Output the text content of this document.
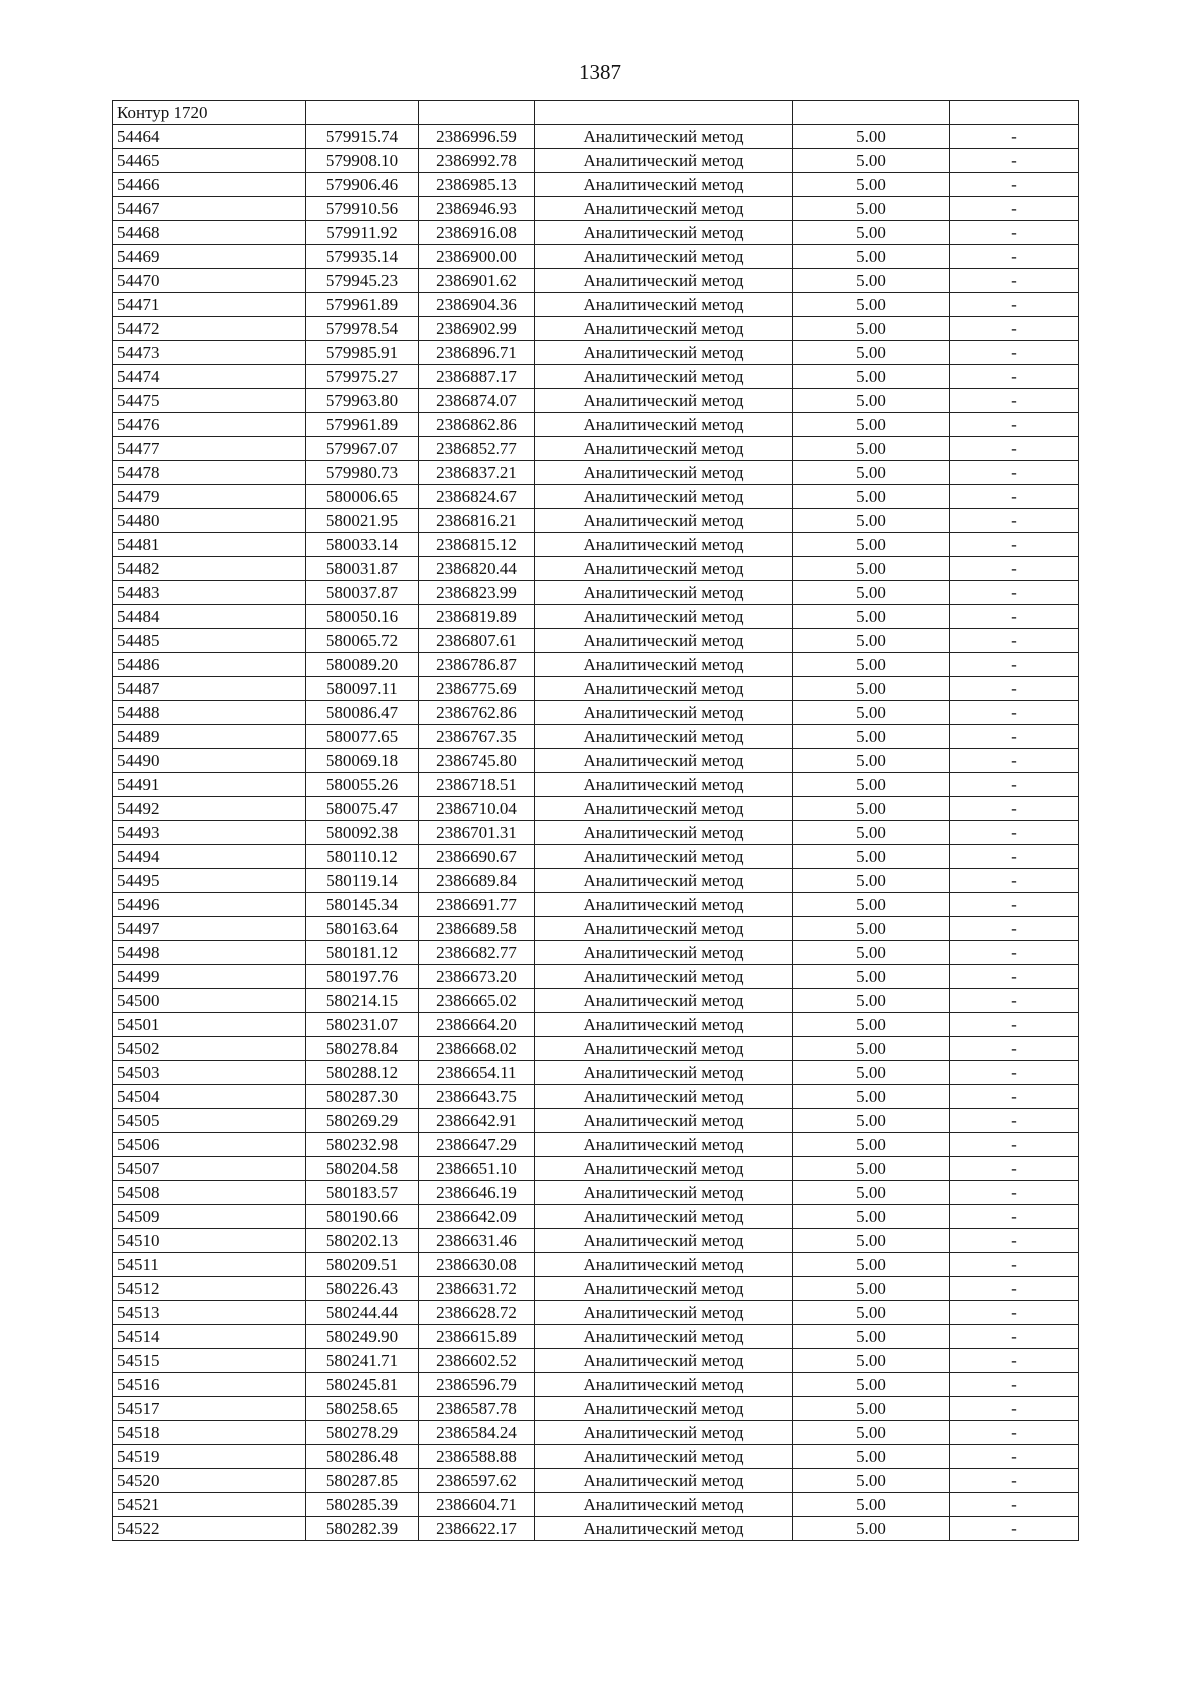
1387
Контур 1720					
54464	579915.74	2386996.59	Аналитический метод	5.00	-
54465	579908.10	2386992.78	Аналитический метод	5.00	-
54466	579906.46	2386985.13	Аналитический метод	5.00	-
54467	579910.56	2386946.93	Аналитический метод	5.00	-
54468	579911.92	2386916.08	Аналитический метод	5.00	-
54469	579935.14	2386900.00	Аналитический метод	5.00	-
54470	579945.23	2386901.62	Аналитический метод	5.00	-
54471	579961.89	2386904.36	Аналитический метод	5.00	-
54472	579978.54	2386902.99	Аналитический метод	5.00	-
54473	579985.91	2386896.71	Аналитический метод	5.00	-
54474	579975.27	2386887.17	Аналитический метод	5.00	-
54475	579963.80	2386874.07	Аналитический метод	5.00	-
54476	579961.89	2386862.86	Аналитический метод	5.00	-
54477	579967.07	2386852.77	Аналитический метод	5.00	-
54478	579980.73	2386837.21	Аналитический метод	5.00	-
54479	580006.65	2386824.67	Аналитический метод	5.00	-
54480	580021.95	2386816.21	Аналитический метод	5.00	-
54481	580033.14	2386815.12	Аналитический метод	5.00	-
54482	580031.87	2386820.44	Аналитический метод	5.00	-
54483	580037.87	2386823.99	Аналитический метод	5.00	-
54484	580050.16	2386819.89	Аналитический метод	5.00	-
54485	580065.72	2386807.61	Аналитический метод	5.00	-
54486	580089.20	2386786.87	Аналитический метод	5.00	-
54487	580097.11	2386775.69	Аналитический метод	5.00	-
54488	580086.47	2386762.86	Аналитический метод	5.00	-
54489	580077.65	2386767.35	Аналитический метод	5.00	-
54490	580069.18	2386745.80	Аналитический метод	5.00	-
54491	580055.26	2386718.51	Аналитический метод	5.00	-
54492	580075.47	2386710.04	Аналитический метод	5.00	-
54493	580092.38	2386701.31	Аналитический метод	5.00	-
54494	580110.12	2386690.67	Аналитический метод	5.00	-
54495	580119.14	2386689.84	Аналитический метод	5.00	-
54496	580145.34	2386691.77	Аналитический метод	5.00	-
54497	580163.64	2386689.58	Аналитический метод	5.00	-
54498	580181.12	2386682.77	Аналитический метод	5.00	-
54499	580197.76	2386673.20	Аналитический метод	5.00	-
54500	580214.15	2386665.02	Аналитический метод	5.00	-
54501	580231.07	2386664.20	Аналитический метод	5.00	-
54502	580278.84	2386668.02	Аналитический метод	5.00	-
54503	580288.12	2386654.11	Аналитический метод	5.00	-
54504	580287.30	2386643.75	Аналитический метод	5.00	-
54505	580269.29	2386642.91	Аналитический метод	5.00	-
54506	580232.98	2386647.29	Аналитический метод	5.00	-
54507	580204.58	2386651.10	Аналитический метод	5.00	-
54508	580183.57	2386646.19	Аналитический метод	5.00	-
54509	580190.66	2386642.09	Аналитический метод	5.00	-
54510	580202.13	2386631.46	Аналитический метод	5.00	-
54511	580209.51	2386630.08	Аналитический метод	5.00	-
54512	580226.43	2386631.72	Аналитический метод	5.00	-
54513	580244.44	2386628.72	Аналитический метод	5.00	-
54514	580249.90	2386615.89	Аналитический метод	5.00	-
54515	580241.71	2386602.52	Аналитический метод	5.00	-
54516	580245.81	2386596.79	Аналитический метод	5.00	-
54517	580258.65	2386587.78	Аналитический метод	5.00	-
54518	580278.29	2386584.24	Аналитический метод	5.00	-
54519	580286.48	2386588.88	Аналитический метод	5.00	-
54520	580287.85	2386597.62	Аналитический метод	5.00	-
54521	580285.39	2386604.71	Аналитический метод	5.00	-
54522	580282.39	2386622.17	Аналитический метод	5.00	-
